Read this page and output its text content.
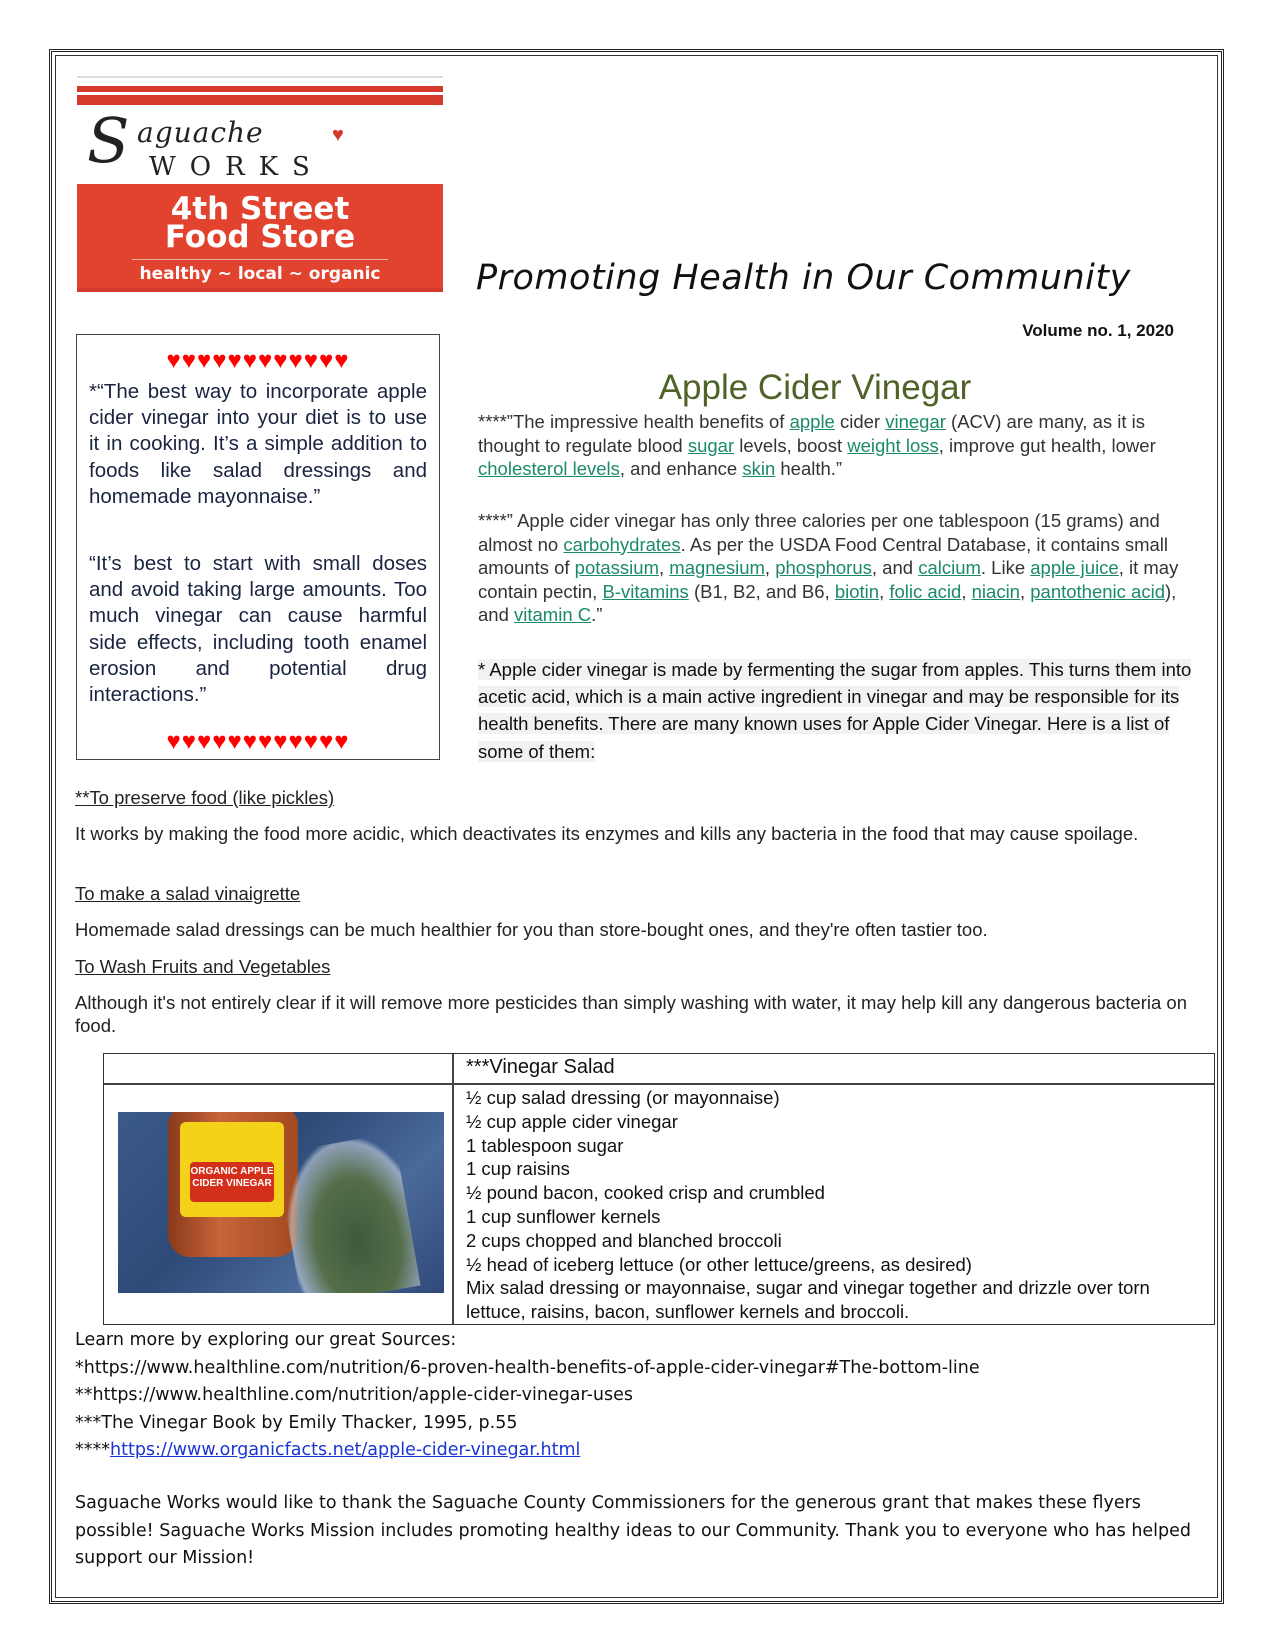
S aguache	♥
WORKS
4th Street
Food Store
healthy ~ local ~ organic	Promoting Health in Our Community
Volume no. 1, 2020
♥♥♥♥♥♥♥♥♥♥♥♥
*“The best way to incorporate apple cider vinegar into your diet is to use it in cooking. It’s a simple addition to foods like salad dressings and homemade mayonnaise.”
“It’s best to start with small doses and avoid taking large amounts. Too much vinegar can cause harmful side effects, including tooth enamel erosion and potential drug interactions.”
♥♥♥♥♥♥♥♥♥♥♥♥
Apple Cider Vinegar
****”The impressive health benefits of apple cider vinegar (ACV) are many, as it is thought to regulate blood sugar levels, boost weight loss, improve gut health, lower cholesterol levels, and enhance skin health.”
****” Apple cider vinegar has only three calories per one tablespoon (15 grams) and almost no carbohydrates. As per the USDA Food Central Database, it contains small amounts of potassium, magnesium, phosphorus, and calcium. Like apple juice, it may contain pectin, B-vitamins (B1, B2, and B6, biotin, folic acid, niacin, pantothenic acid), and vitamin C.”
* Apple cider vinegar is made by fermenting the sugar from apples. This turns them into acetic acid, which is a main active ingredient in vinegar and may be responsible for its health benefits. There are many known uses for Apple Cider Vinegar. Here is a list of some of them:
**To preserve food (like pickles)
It works by making the food more acidic, which deactivates its enzymes and kills any bacteria in the food that may cause spoilage.
To make a salad vinaigrette
Homemade salad dressings can be much healthier for you than store-bought ones, and they're often tastier too.
To Wash Fruits and Vegetables
Although it's not entirely clear if it will remove more pesticides than simply washing with water, it may help kill any dangerous bacteria on food.
***Vinegar Salad
ORGANIC APPLE CIDER VINEGAR
½ cup salad dressing (or mayonnaise)
½ cup apple cider vinegar
1 tablespoon sugar
1 cup raisins
½ pound bacon, cooked crisp and crumbled
1 cup sunflower kernels
2 cups chopped and blanched broccoli
½ head of iceberg lettuce (or other lettuce/greens, as desired)
Mix salad dressing or mayonnaise, sugar and vinegar together and drizzle over torn lettuce, raisins, bacon, sunflower kernels and broccoli.
Learn more by exploring our great Sources:
*https://www.healthline.com/nutrition/6-proven-health-benefits-of-apple-cider-vinegar#The-bottom-line
**https://www.healthline.com/nutrition/apple-cider-vinegar-uses
***The Vinegar Book by Emily Thacker, 1995, p.55
****https://www.organicfacts.net/apple-cider-vinegar.html
Saguache Works would like to thank the Saguache County Commissioners for the generous grant that makes these flyers possible! Saguache Works Mission includes promoting healthy ideas to our Community. Thank you to everyone who has helped support our Mission!
